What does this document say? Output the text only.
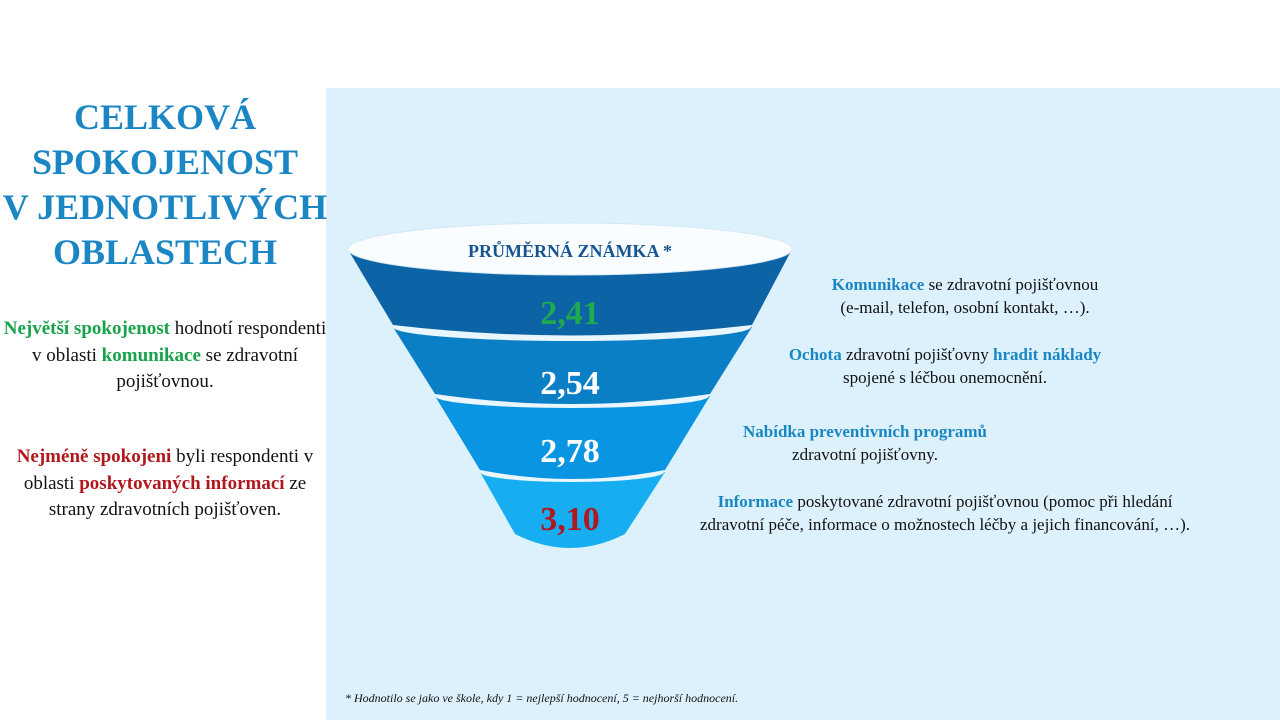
CELKOVÁ
SPOKOJENOST
V JEDNOTLIVÝCH
OBLASTECH
Největší spokojenost hodnotí respondenti v oblasti komunikace se zdravotní pojišťovnou.
Nejméně spokojeni byli respondenti v oblasti poskytovaných informací ze strany zdravotních pojišťoven.
PRŮMĚRNÁ ZNÁMKA *
2,41
2,54
2,78
3,10
Komunikace se zdravotní pojišťovnou
(e-mail, telefon, osobní kontakt, …).
Ochota zdravotní pojišťovny hradit náklady
spojené s léčbou onemocnění.
Nabídka preventivních programů
zdravotní pojišťovny.
Informace poskytované zdravotní pojišťovnou (pomoc při hledání
zdravotní péče, informace o možnostech léčby a jejich financování, …).
* Hodnotilo se jako ve škole, kdy 1 = nejlepší hodnocení, 5 = nejhorší hodnocení.
